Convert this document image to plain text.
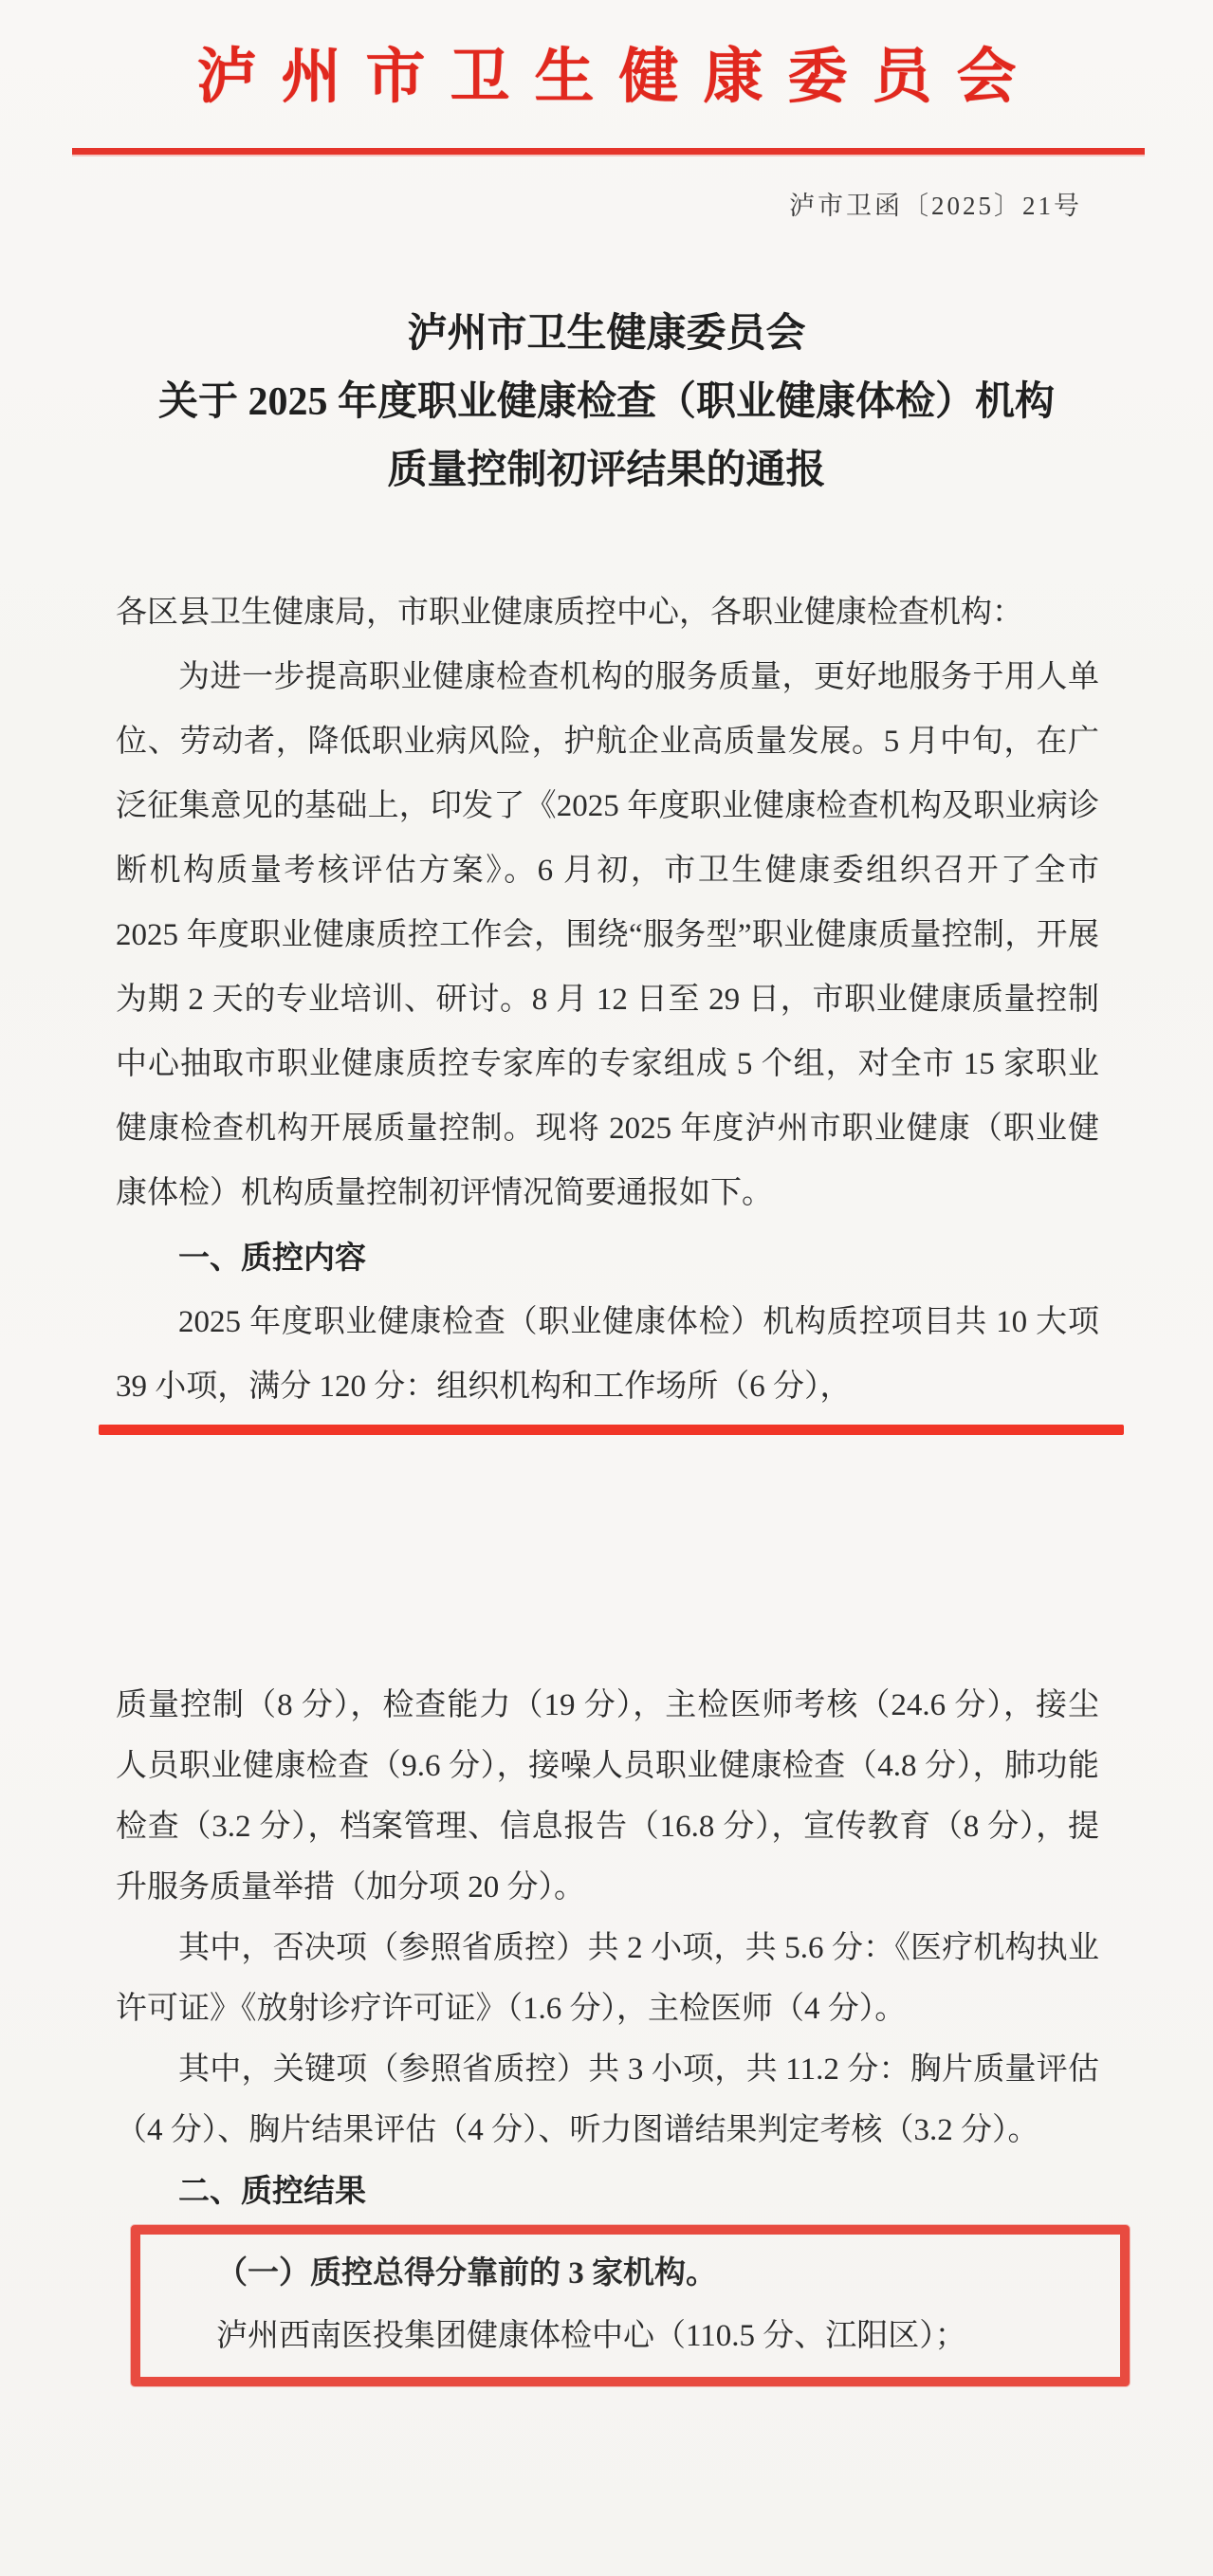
泸州市卫生健康委员会
泸市卫函〔2025〕21号
泸州市卫生健康委员会
关于 2025 年度职业健康检查（职业健康体检）机构
质量控制初评结果的通报

各区县卫生健康局，市职业健康质控中心，各职业健康检查机构：

为进一步提高职业健康检查机构的服务质量，更好地服务于用人单位、劳动者，降低职业病风险，护航企业高质量发展。5 月中旬，在广泛征集意见的基础上，印发了《2025 年度职业健康检查机构及职业病诊断机构质量考核评估方案》。6 月初，市卫生健康委组织召开了全市 2025 年度职业健康质控工作会，围绕“服务型”职业健康质量控制，开展为期 2 天的专业培训、研讨。8 月 12 日至 29 日，市职业健康质量控制中心抽取市职业健康质控专家库的专家组成 5 个组，对全市 15 家职业健康检查机构开展质量控制。现将 2025 年度泸州市职业健康（职业健康体检）机构质量控制初评情况简要通报如下。

一、质控内容

2025 年度职业健康检查（职业健康体检）机构质控项目共 10 大项 39 小项，满分 120 分：组织机构和工作场所（6 分），

质量控制（8 分），检查能力（19 分），主检医师考核（24.6 分），接尘人员职业健康检查（9.6 分），接噪人员职业健康检查（4.8 分），肺功能检查（3.2 分），档案管理、信息报告（16.8 分），宣传教育（8 分），提升服务质量举措（加分项 20 分）。

其中，否决项（参照省质控）共 2 小项，共 5.6 分：《医疗机构执业许可证》《放射诊疗许可证》（1.6 分），主检医师（4 分）。

其中，关键项（参照省质控）共 3 小项，共 11.2 分：胸片质量评估（4 分）、胸片结果评估（4 分）、听力图谱结果判定考核（3.2 分）。

二、质控结果

（一）质控总得分靠前的 3 家机构。

泸州西南医投集团健康体检中心（110.5 分、江阳区）；
